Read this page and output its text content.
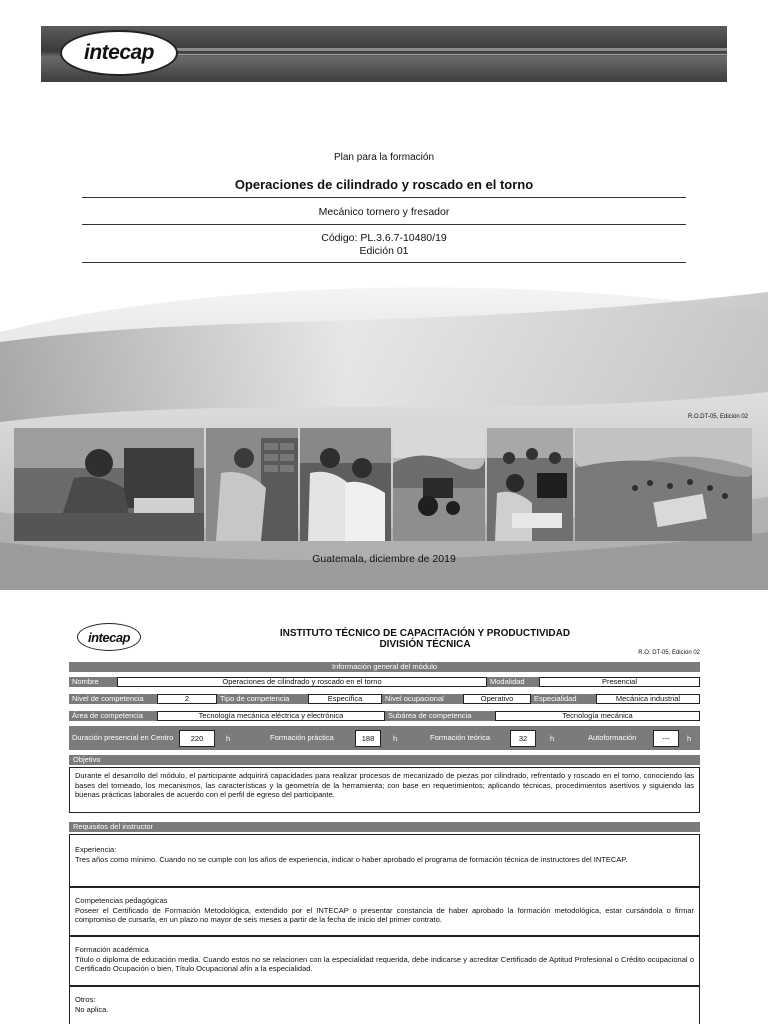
intecap
Plan para la formación
Operaciones de cilindrado y roscado en el torno
Mecánico tornero y fresador
Código: PL.3.6.7-10480/19
Edición 01
R.O.DT-05, Edición 02
Guatemala, diciembre de 2019
intecap	INSTITUTO TÉCNICO DE CAPACITACIÓN Y PRODUCTIVIDAD
DIVISIÓN TÉCNICA
R.O. DT-05, Edición 02
Información general del módulo
Nombre	Operaciones de cilindrado y roscado en el torno	Modalidad	Presencial
Nivel de competencia	2	Tipo de competencia	Específica	Nivel ocupacional	Operativo	Especialidad	Mecánica industrial
Área de competencia	Tecnología mecánica eléctrica y electrónica	Subárea de competencia	Tecnología mecánica
Duración presencial en Centro	220	h	Formación práctica	188	h	Formación teórica	32	h	Autoformación	---	h
Objetivo

Durante el desarrollo del módulo, el participante adquirirá capacidades para realizar procesos de mecanizado de piezas por cilindrado, refrentado y roscado en el torno, conociendo las bases del torneado, los mecanismos, las características y la geometría de la herramienta; con base en requerimientos; aplicando técnicas, procedimientos asertivos y siguiendo las buenas prácticas laborales de acuerdo con el perfil de egreso del participante.

Requisitos del instructor

Experiencia:

Tres años como mínimo. Cuando no se cumple con los años de experiencia, indicar o haber aprobado el programa de formación técnica de instructores del INTECAP.

Competencias pedagógicas

Poseer el Certificado de Formación Metodológica, extendido por el INTECAP o presentar constancia de haber aprobado la formación metodológica, estar cursándola o firmar compromiso de cursarla, en un plazo no mayor de seis meses a partir de la fecha de inicio del primer contrato.

Formación académica

Título o diploma de educación media. Cuando estos no se relacionen con la especialidad requerida, debe indicarse y acreditar Certificado de Aptitud Profesional o Crédito ocupacional o Certificado Ocupación o bien, Título Ocupacional afín a la especialidad.

Otros:

No aplica.
